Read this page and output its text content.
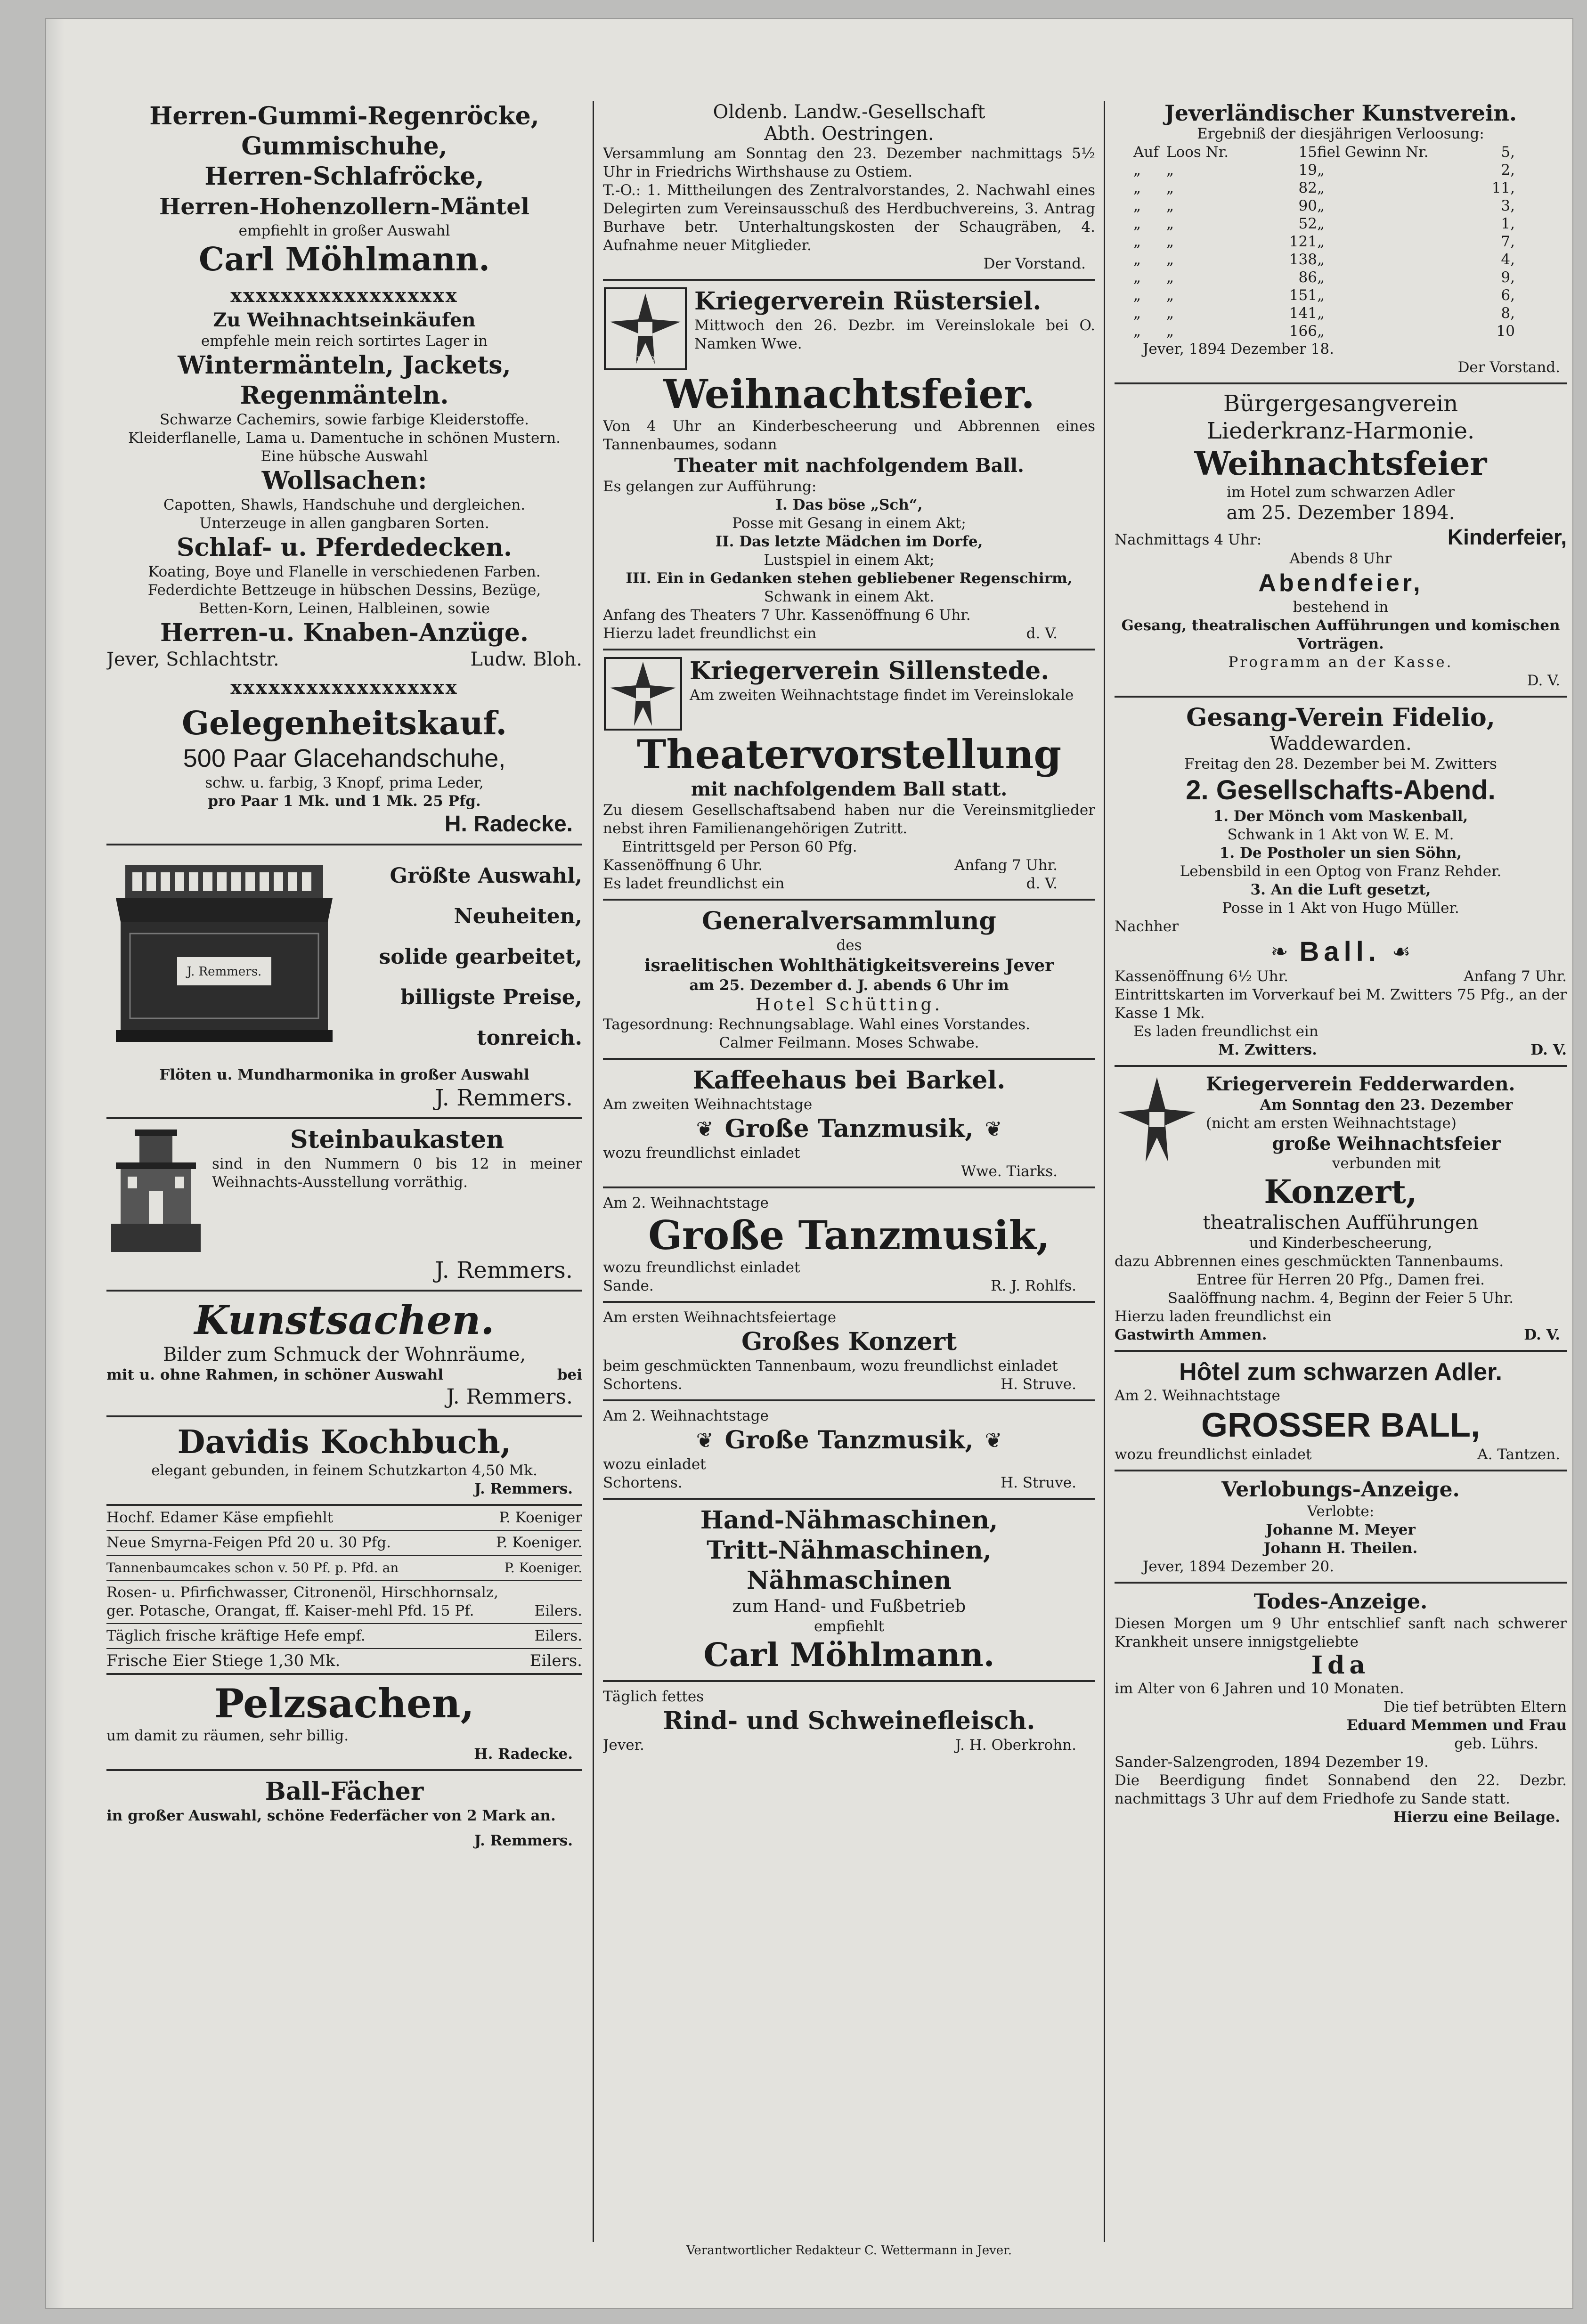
Herren-Gummi-Regenröcke,
Gummischuhe,
Herren-Schlafröcke,
Herren-Hohenzollern-Mäntel
empfiehlt in großer Auswahl
Carl Möhlmann.
xxxxxxxxxxxxxxxxxx
Zu Weihnachtseinkäufen
empfehle mein reich sortirtes Lager in
Wintermänteln, Jackets,
Regenmänteln.
Schwarze Cachemirs, sowie farbige Kleiderstoffe.
Kleiderflanelle, Lama u. Damentuche in schönen Mustern.
Eine hübsche Auswahl
Wollsachen:
Capotten, Shawls, Handschuhe und dergleichen.
Unterzeuge in allen gangbaren Sorten.
Schlaf- u. Pferdedecken.
Koating, Boye und Flanelle in verschiedenen Farben.
Federdichte Bettzeuge in hübschen Dessins, Bezüge,
Betten-Korn, Leinen, Halbleinen, sowie
Herren-u. Knaben-Anzüge.
Jever, Schlachtstr.	Ludw. Bloh.
xxxxxxxxxxxxxxxxxx
Gelegenheitskauf.
500 Paar Glacehandschuhe,
schw. u. farbig, 3 Knopf, prima Leder,
pro Paar 1 Mk. und 1 Mk. 25 Pfg.
H. Radecke.
J. Remmers.
Größte Auswahl,
Neuheiten,
solide gearbeitet,
billigste Preise,
tonreich.
Flöten u. Mundharmonika in großer Auswahl
J. Remmers.
Steinbaukasten
sind in den Nummern 0 bis 12 in meiner Weihnachts-Ausstellung vorräthig.
J. Remmers.
Kunstsachen.
Bilder zum Schmuck der Wohnräume,
mit u. ohne Rahmen, in schöner Auswahl	bei
J. Remmers.
Davidis Kochbuch,
elegant gebunden, in feinem Schutzkarton 4,50 Mk.
J. Remmers.
Hochf. Edamer Käse empfiehlt	P. Koeniger
Neue Smyrna-Feigen Pfd 20 u. 30 Pfg.	P. Koeniger.
Tannenbaumcakes schon v. 50 Pf. p. Pfd. an	P. Koeniger.
Rosen- u. Pfirfichwasser, Citronenöl, Hirschhornsalz,
ger. Potasche, Orangat, ff. Kaiser-mehl Pfd. 15 Pf.	Eilers.
Täglich frische kräftige Hefe empf.	Eilers.
Frische Eier Stiege 1,30 Mk.	Eilers.
Pelzsachen,
um damit zu räumen, sehr billig.
H. Radecke.
Ball-Fächer
in großer Auswahl, schöne Federfächer von 2 Mark an.
J. Remmers.
Oldenb. Landw.-Gesellschaft
Abth. Oestringen.
Versammlung am Sonntag den 23. Dezember nachmittags 5½ Uhr in Friedrichs Wirthshause zu Ostiem.
T.-O.: 1. Mittheilungen des Zentralvorstandes, 2. Nachwahl eines Delegirten zum Vereinsausschuß des Herdbuchvereins, 3. Antrag Burhave betr. Unterhaltungskosten der Schaugräben, 4. Aufnahme neuer Mitglieder.
Der Vorstand.
1870
Kriegerverein Rüstersiel.
Mittwoch den 26. Dezbr. im Vereinslokale bei O. Namken Wwe.
Weihnachtsfeier.
Von 4 Uhr an Kinderbescheerung und Abbrennen eines Tannenbaumes, sodann
Theater mit nachfolgendem Ball.
Es gelangen zur Aufführung:
I. Das böse „Sch“,
Posse mit Gesang in einem Akt;
II. Das letzte Mädchen im Dorfe,
Lustspiel in einem Akt;
III. Ein in Gedanken stehen gebliebener Regenschirm,
Schwank in einem Akt.
Anfang des Theaters 7 Uhr. Kassenöffnung 6 Uhr.
Hierzu ladet freundlichst ein	d. V.
Kriegerverein Sillenstede.
Am zweiten Weihnachtstage findet im Vereinslokale
Theatervorstellung
mit nachfolgendem Ball statt.
Zu diesem Gesellschaftsabend haben nur die Vereinsmitglieder nebst ihren Familienangehörigen Zutritt.
Eintrittsgeld per Person 60 Pfg.
Kassenöffnung 6 Uhr.	Anfang 7 Uhr.
Es ladet freundlichst ein	d. V.
Generalversammlung
des
israelitischen Wohlthätigkeitsvereins Jever
am 25. Dezember d. J. abends 6 Uhr im
Hotel Schütting.
Tagesordnung: Rechnungsablage. Wahl eines Vorstandes.
Calmer Feilmann. Moses Schwabe.
Kaffeehaus bei Barkel.
Am zweiten Weihnachtstage
❦ Große Tanzmusik, ❦
wozu freundlichst einladet
Wwe. Tiarks.
Am 2. Weihnachtstage
Große Tanzmusik,
wozu freundlichst einladet
Sande.	R. J. Rohlfs.
Am ersten Weihnachtsfeiertage
Großes Konzert
beim geschmückten Tannenbaum, wozu freundlichst einladet
Schortens.	H. Struve.
Am 2. Weihnachtstage
❦ Große Tanzmusik, ❦
wozu einladet
Schortens.	H. Struve.
Hand-Nähmaschinen,
Tritt-Nähmaschinen,
Nähmaschinen
zum Hand- und Fußbetrieb
empfiehlt
Carl Möhlmann.
Täglich fettes
Rind- und Schweinefleisch.
Jever.	J. H. Oberkrohn.
Jeverländischer Kunstverein.
Ergebniß der diesjährigen Verloosung:
Auf Loos Nr.	15 fiel Gewinn Nr.	5,
„	„	19 „	2,
„	„	82 „	11,
„	„	90 „	3,
„	„	52 „	1,
„	„	121 „	7,
„	„	138 „	4,
„	„	86 „	9,
„	„	151 „	6,
„	„	141 „	8,
„	„	166 „	10
Jever, 1894 Dezember 18.
Der Vorstand.
Bürgergesangverein
Liederkranz-Harmonie.
Weihnachtsfeier
im Hotel zum schwarzen Adler
am 25. Dezember 1894.
Nachmittags 4 Uhr:	Kinderfeier,
Abends 8 Uhr
Abendfeier,
bestehend in
Gesang, theatralischen Aufführungen und komischen Vorträgen.
Programm an der Kasse.
D. V.
Gesang-Verein Fidelio,
Waddewarden.
Freitag den 28. Dezember bei M. Zwitters
2. Gesellschafts-Abend.
1. Der Mönch vom Maskenball,
Schwank in 1 Akt von W. E. M.
1. De Postholer un sien Söhn,
Lebensbild in een Optog von Franz Rehder.
3. An die Luft gesetzt,
Posse in 1 Akt von Hugo Müller.
Nachher
❧ Ball. ☙
Kassenöffnung 6½ Uhr.	Anfang 7 Uhr.
Eintrittskarten im Vorverkauf bei M. Zwitters 75 Pfg., an der Kasse 1 Mk.
Es laden freundlichst ein
M. Zwitters.	D. V.
Kriegerverein Fedderwarden.
Am Sonntag den 23. Dezember
(nicht am ersten Weihnachtstage)
große Weihnachtsfeier
verbunden mit
Konzert,
theatralischen Aufführungen
und Kinderbescheerung,
dazu Abbrennen eines geschmückten Tannenbaums.
Entree für Herren 20 Pfg., Damen frei.
Saalöffnung nachm. 4, Beginn der Feier 5 Uhr.
Hierzu laden freundlichst ein
Gastwirth Ammen.	D. V.
Hôtel zum schwarzen Adler.
Am 2. Weihnachtstage
GROSSER BALL,
wozu freundlichst einladet	A. Tantzen.
Verlobungs-Anzeige.
Verlobte:
Johanne M. Meyer
Johann H. Theilen.
Jever, 1894 Dezember 20.
Todes-Anzeige.
Diesen Morgen um 9 Uhr entschlief sanft nach schwerer Krankheit unsere innigstgeliebte
Ida
im Alter von 6 Jahren und 10 Monaten.
Die tief betrübten Eltern
Eduard Memmen und Frau
geb. Lührs.
Sander-Salzengroden, 1894 Dezember 19.
Die Beerdigung findet Sonnabend den 22. Dezbr. nachmittags 3 Uhr auf dem Friedhofe zu Sande statt.
Hierzu eine Beilage.
Verantwortlicher Redakteur C. Wettermann in Jever.
